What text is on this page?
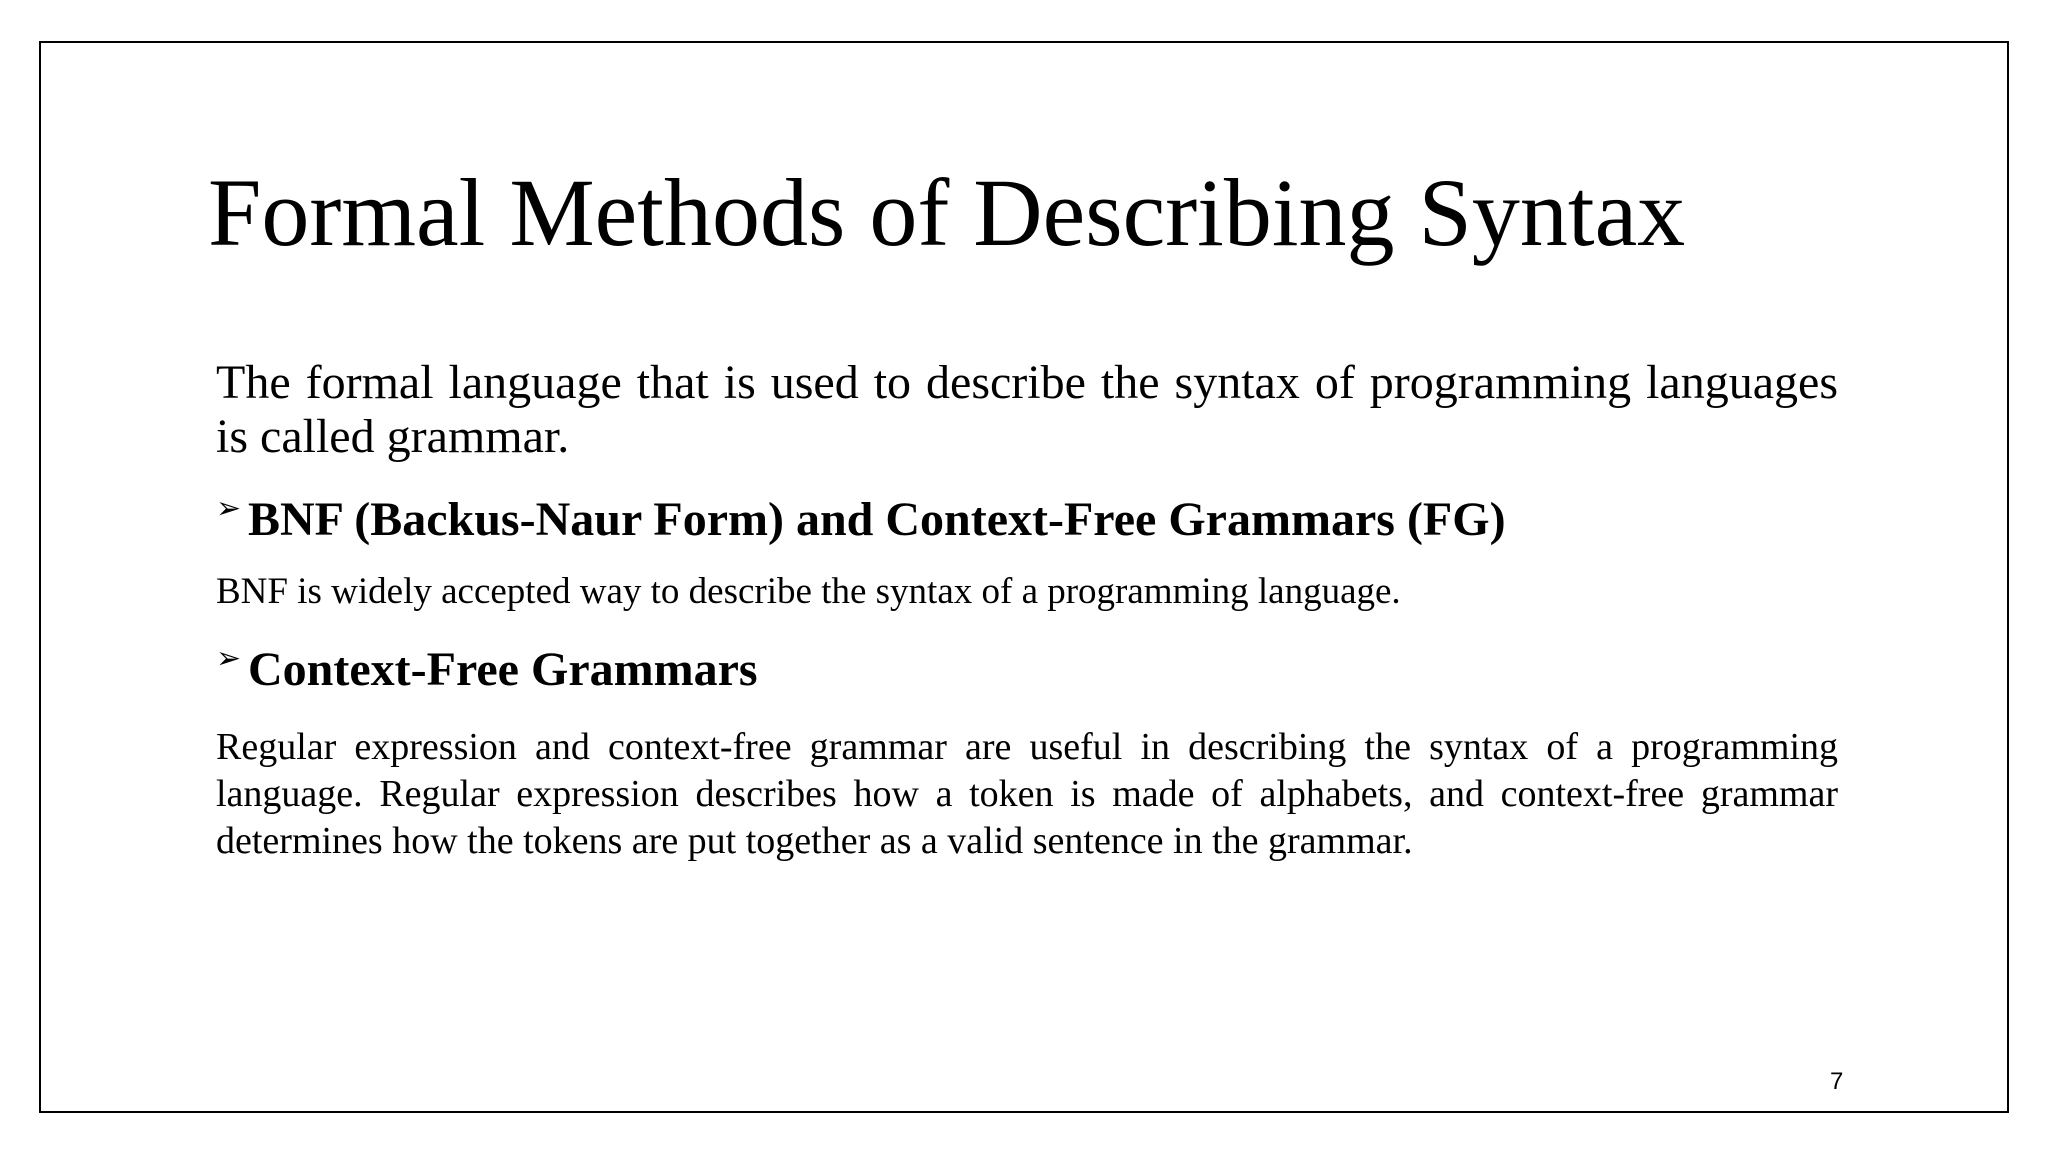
Formal Methods of Describing Syntax

The formal language that is used to describe the syntax of programming languages is called grammar.

➢ BNF (Backus-Naur Form) and Context-Free Grammars (FG)

BNF is widely accepted way to describe the syntax of a programming language.

➢ Context-Free Grammars

Regular expression and context-free grammar are useful in describing the syntax of a programming language. Regular expression describes how a token is made of alphabets, and context-free grammar determines how the tokens are put together as a valid sentence in the grammar.

7
